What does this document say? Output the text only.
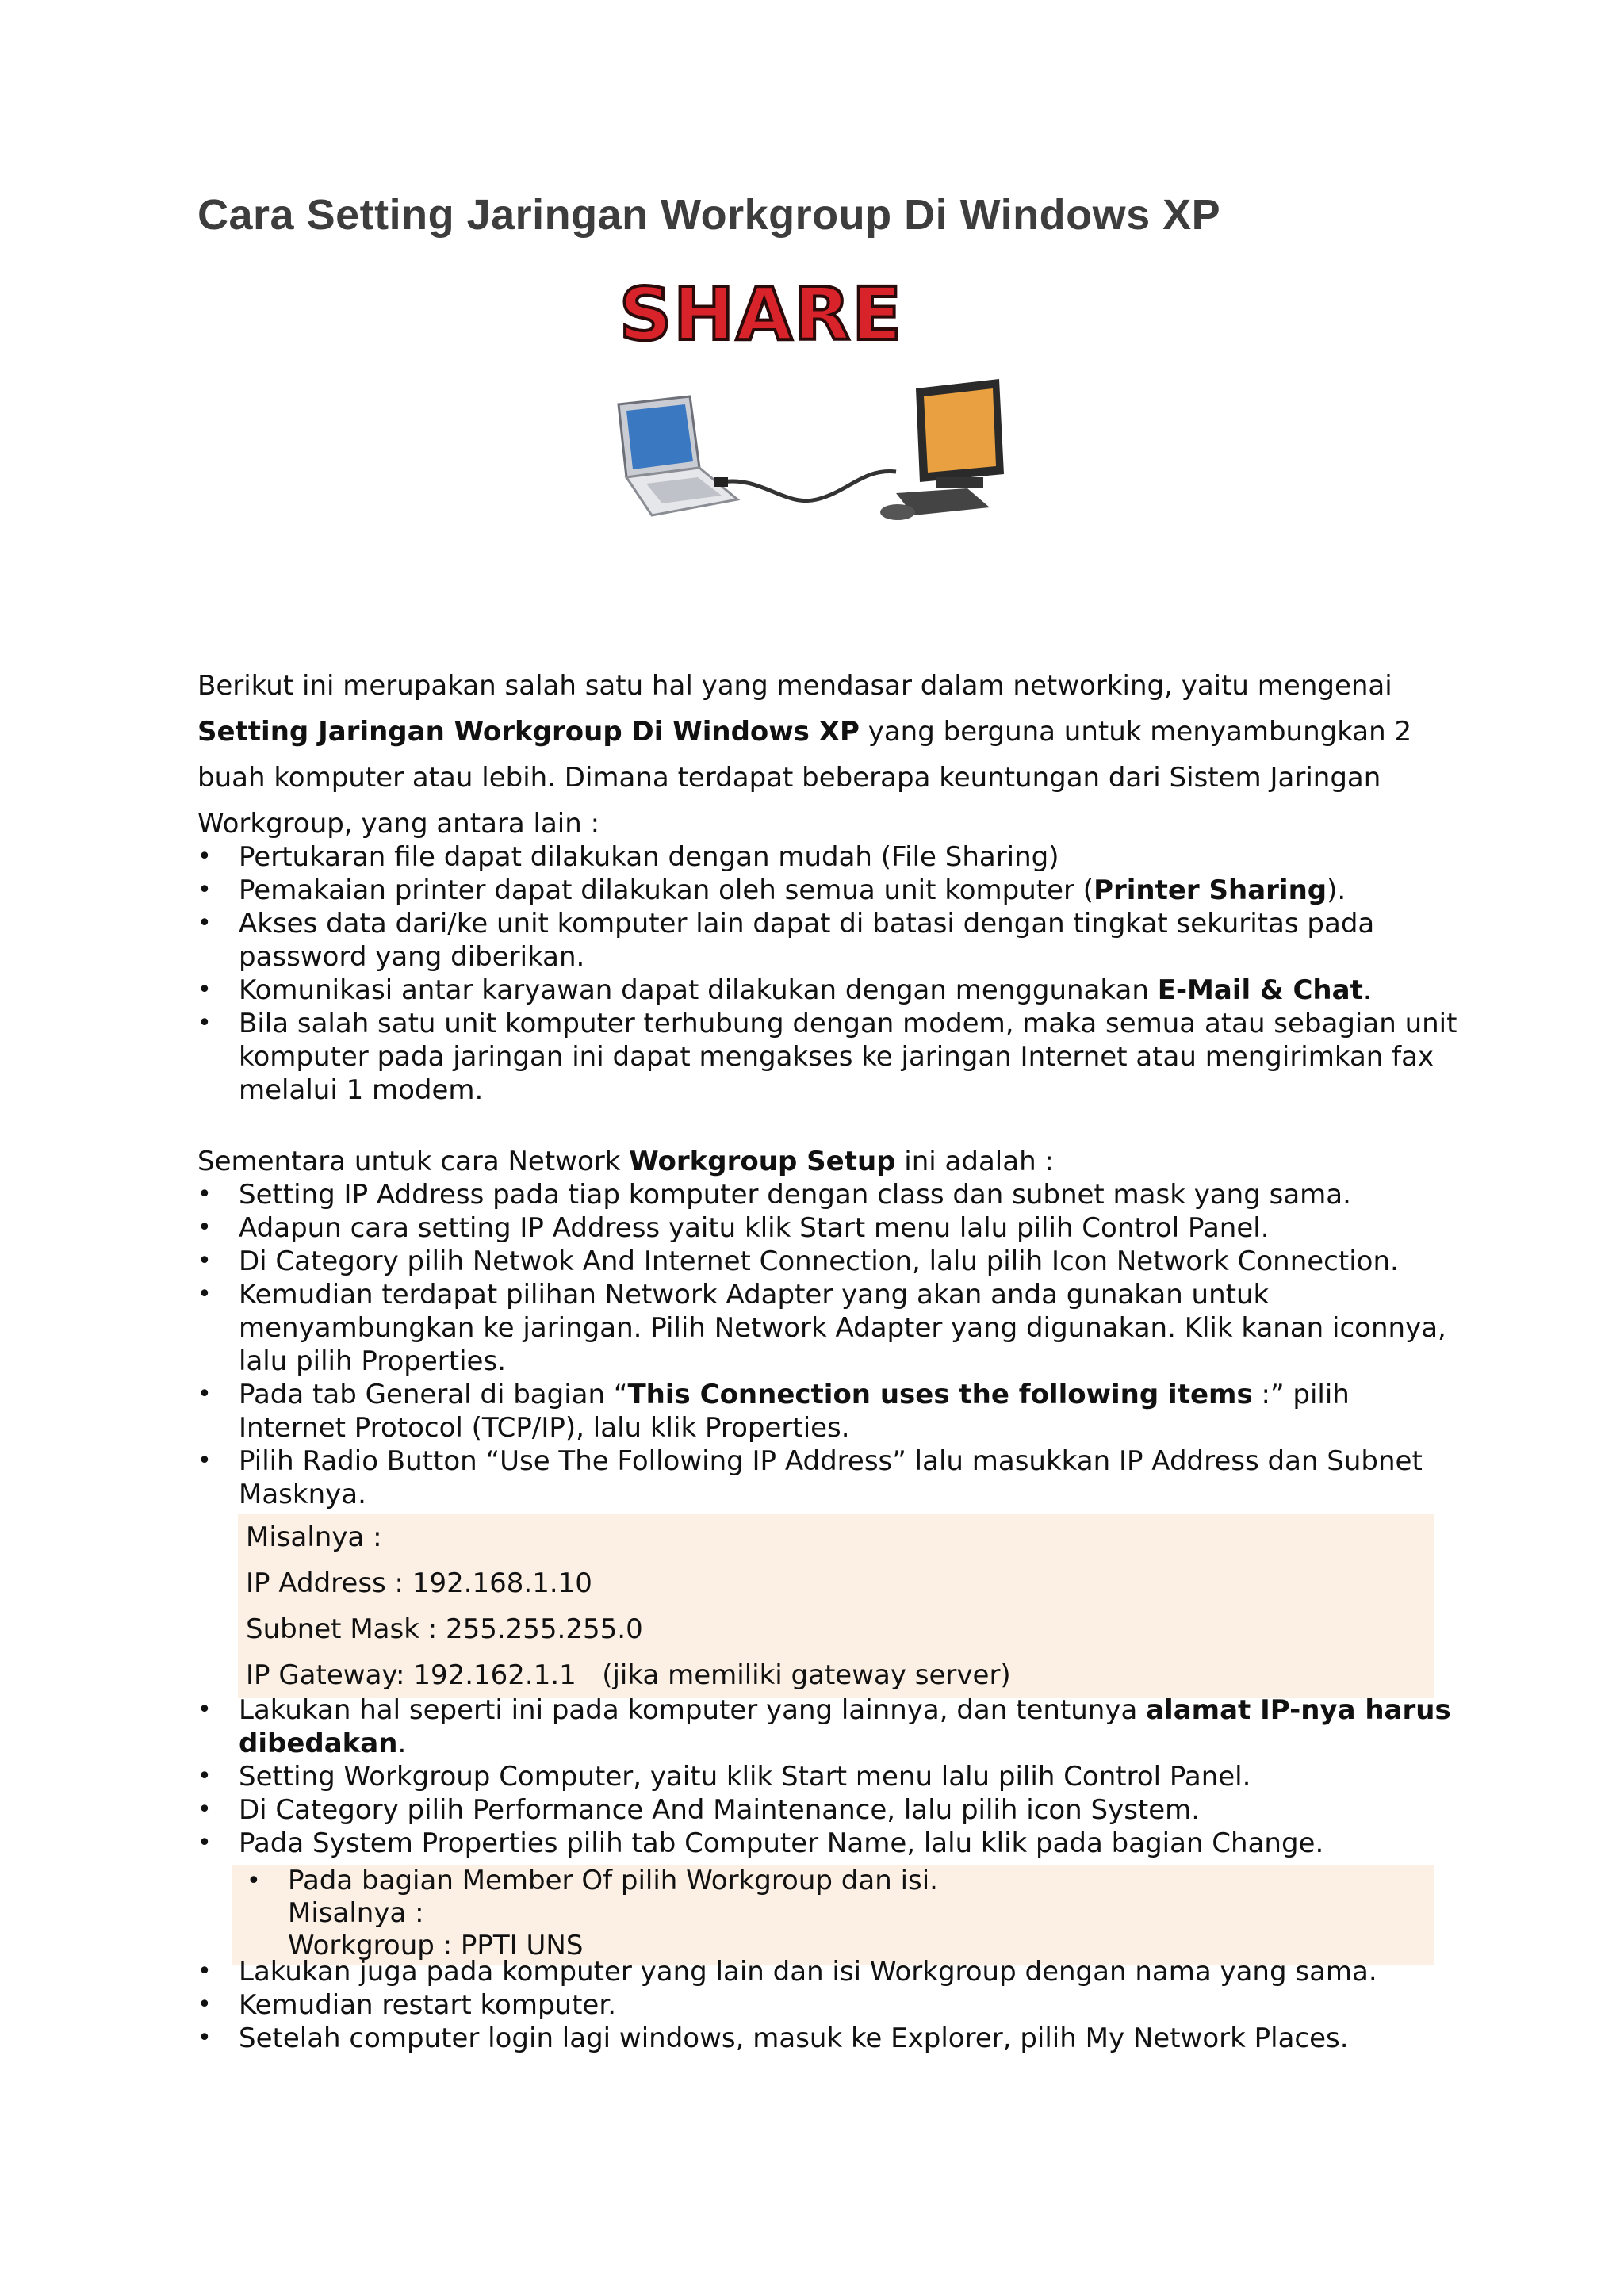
Cara Setting Jaringan Workgroup Di Windows XP
SHARE

Berikut ini merupakan salah satu hal yang mendasar dalam networking, yaitu mengenai Setting Jaringan Workgroup Di Windows XP yang berguna untuk menyambungkan 2 buah komputer atau lebih. Dimana terdapat beberapa keuntungan dari Sistem Jaringan Workgroup, yang antara lain :

• Pertukaran file dapat dilakukan dengan mudah (File Sharing)
• Pemakaian printer dapat dilakukan oleh semua unit komputer (Printer Sharing).
• Akses data dari/ke unit komputer lain dapat di batasi dengan tingkat sekuritas pada password yang diberikan.
• Komunikasi antar karyawan dapat dilakukan dengan menggunakan E-Mail & Chat.
• Bila salah satu unit komputer terhubung dengan modem, maka semua atau sebagian unit komputer pada jaringan ini dapat mengakses ke jaringan Internet atau mengirimkan fax melalui 1 modem.

Sementara untuk cara Network Workgroup Setup ini adalah :

• Setting IP Address pada tiap komputer dengan class dan subnet mask yang sama.
• Adapun cara setting IP Address yaitu klik Start menu lalu pilih Control Panel.
• Di Category pilih Netwok And Internet Connection, lalu pilih Icon Network Connection.
• Kemudian terdapat pilihan Network Adapter yang akan anda gunakan untuk menyambungkan ke jaringan. Pilih Network Adapter yang digunakan. Klik kanan iconnya, lalu pilih Properties.
• Pada tab General di bagian “This Connection uses the following items :” pilih Internet Protocol (TCP/IP), lalu klik Properties.
• Pilih Radio Button “Use The Following IP Address” lalu masukkan IP Address dan Subnet Masknya.

Misalnya :

IP Address : 192.168.1.10

Subnet Mask : 255.255.255.0

IP Gateway: 192.162.1.1   (jika memiliki gateway server)

• Lakukan hal seperti ini pada komputer yang lainnya, dan tentunya alamat IP-nya harus dibedakan.
• Setting Workgroup Computer, yaitu klik Start menu lalu pilih Control Panel.
• Di Category pilih Performance And Maintenance, lalu pilih icon System.
• Pada System Properties pilih tab Computer Name, lalu klik pada bagian Change.
• Pada bagian Member Of pilih Workgroup dan isi.
Misalnya :
Workgroup : PPTI UNS
• Lakukan juga pada komputer yang lain dan isi Workgroup dengan nama yang sama.
• Kemudian restart komputer.
• Setelah computer login lagi windows, masuk ke Explorer, pilih My Network Places.
